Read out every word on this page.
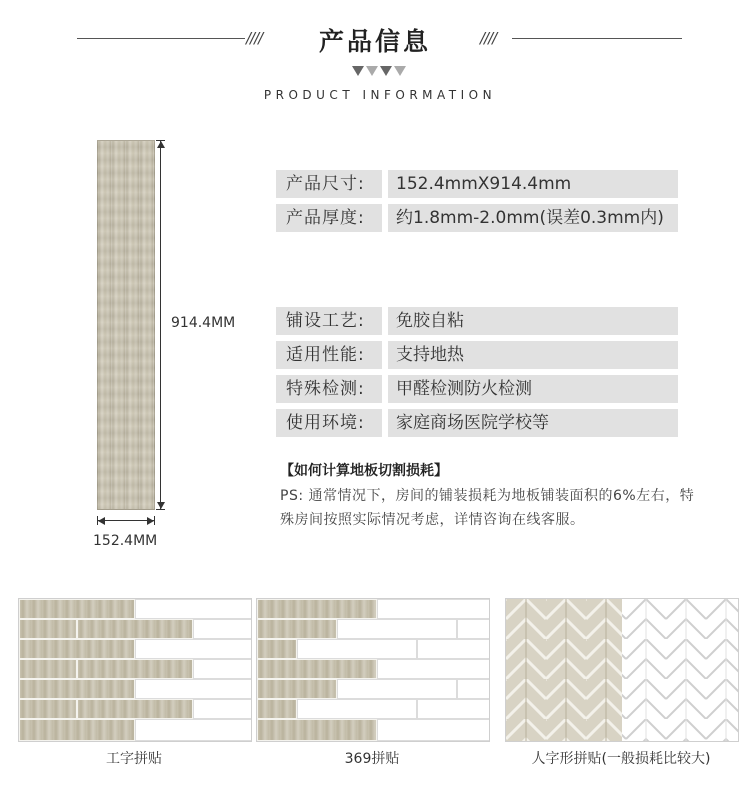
////	产品信息	////
PRODUCT INFORMATION
914.4MM
152.4MM
产品尺寸:	152.4mmX914.4mm
产品厚度:	约1.8mm-2.0mm(误差0.3mm内)
铺设工艺:	免胶自粘
适用性能:	支持地热
特殊检测:	甲醛检测防火检测
使用环境:	家庭商场医院学校等
【如何计算地板切割损耗】
PS: 通常情况下，房间的铺装损耗为地板铺装面积的6%左右，特殊房间按照实际情况考虑，详情咨询在线客服。
工字拼贴	369拼贴	人字形拼贴(一般损耗比较大)
